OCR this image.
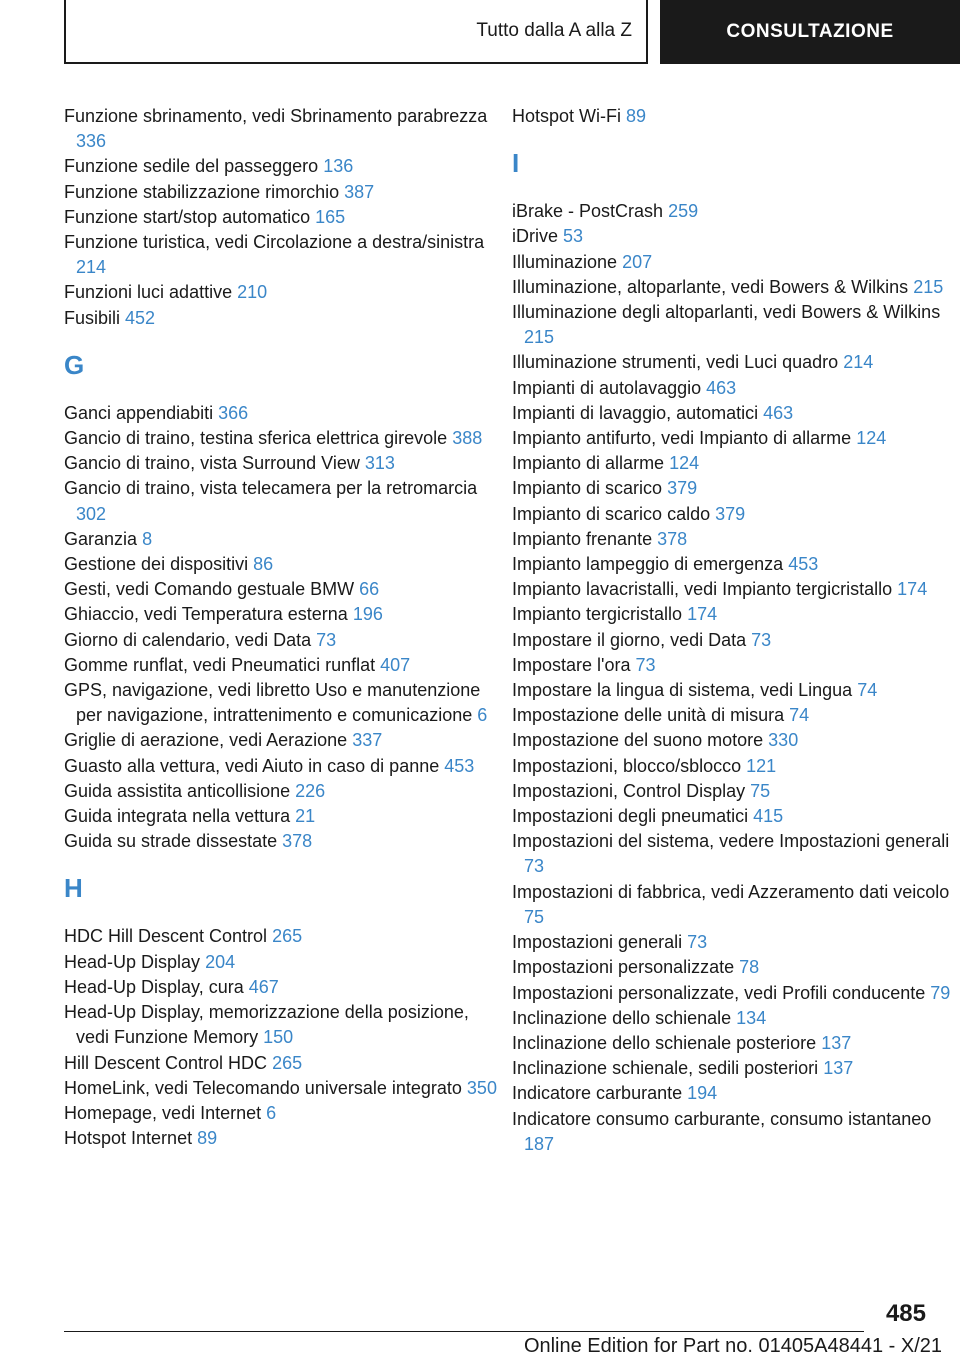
Tutto dalla A alla Z	CONSULTAZIONE
Funzione sbrinamento, vedi Sbrinamento parabrezza 336
Funzione sedile del passeggero 136
Funzione stabilizzazione rimorchio 387
Funzione start/stop automatico 165
Funzione turistica, vedi Circolazione a destra/sinistra 214
Funzioni luci adattive 210
Fusibili 452
G
Ganci appendiabiti 366
Gancio di traino, testina sferica elettrica girevole 388
Gancio di traino, vista Surround View 313
Gancio di traino, vista telecamera per la retromarcia 302
Garanzia 8
Gestione dei dispositivi 86
Gesti, vedi Comando gestuale BMW 66
Ghiaccio, vedi Temperatura esterna 196
Giorno di calendario, vedi Data 73
Gomme runflat, vedi Pneumatici runflat 407
GPS, navigazione, vedi libretto Uso e manutenzione per navigazione, intrattenimento e comunicazione 6
Griglie di aerazione, vedi Aerazione 337
Guasto alla vettura, vedi Aiuto in caso di panne 453
Guida assistita anticollisione 226
Guida integrata nella vettura 21
Guida su strade dissestate 378
H
HDC Hill Descent Control 265
Head-Up Display 204
Head-Up Display, cura 467
Head-Up Display, memorizzazione della posizione, vedi Funzione Memory 150
Hill Descent Control HDC 265
HomeLink, vedi Telecomando universale integrato 350
Homepage, vedi Internet 6
Hotspot Internet 89
Hotspot Wi-Fi 89
I
iBrake - PostCrash 259
iDrive 53
Illuminazione 207
Illuminazione, altoparlante, vedi Bowers & Wilkins 215
Illuminazione degli altoparlanti, vedi Bowers & Wilkins 215
Illuminazione strumenti, vedi Luci quadro 214
Impianti di autolavaggio 463
Impianti di lavaggio, automatici 463
Impianto antifurto, vedi Impianto di allarme 124
Impianto di allarme 124
Impianto di scarico 379
Impianto di scarico caldo 379
Impianto frenante 378
Impianto lampeggio di emergenza 453
Impianto lavacristalli, vedi Impianto tergicristallo 174
Impianto tergicristallo 174
Impostare il giorno, vedi Data 73
Impostare l'ora 73
Impostare la lingua di sistema, vedi Lingua 74
Impostazione delle unità di misura 74
Impostazione del suono motore 330
Impostazioni, blocco/sblocco 121
Impostazioni, Control Display 75
Impostazioni degli pneumatici 415
Impostazioni del sistema, vedere Impostazioni generali 73
Impostazioni di fabbrica, vedi Azzeramento dati veicolo 75
Impostazioni generali 73
Impostazioni personalizzate 78
Impostazioni personalizzate, vedi Profili conducente 79
Inclinazione dello schienale 134
Inclinazione dello schienale posteriore 137
Inclinazione schienale, sedili posteriori 137
Indicatore carburante 194
Indicatore consumo carburante, consumo istantaneo 187
485
Online Edition for Part no. 01405A48441 - X/21
